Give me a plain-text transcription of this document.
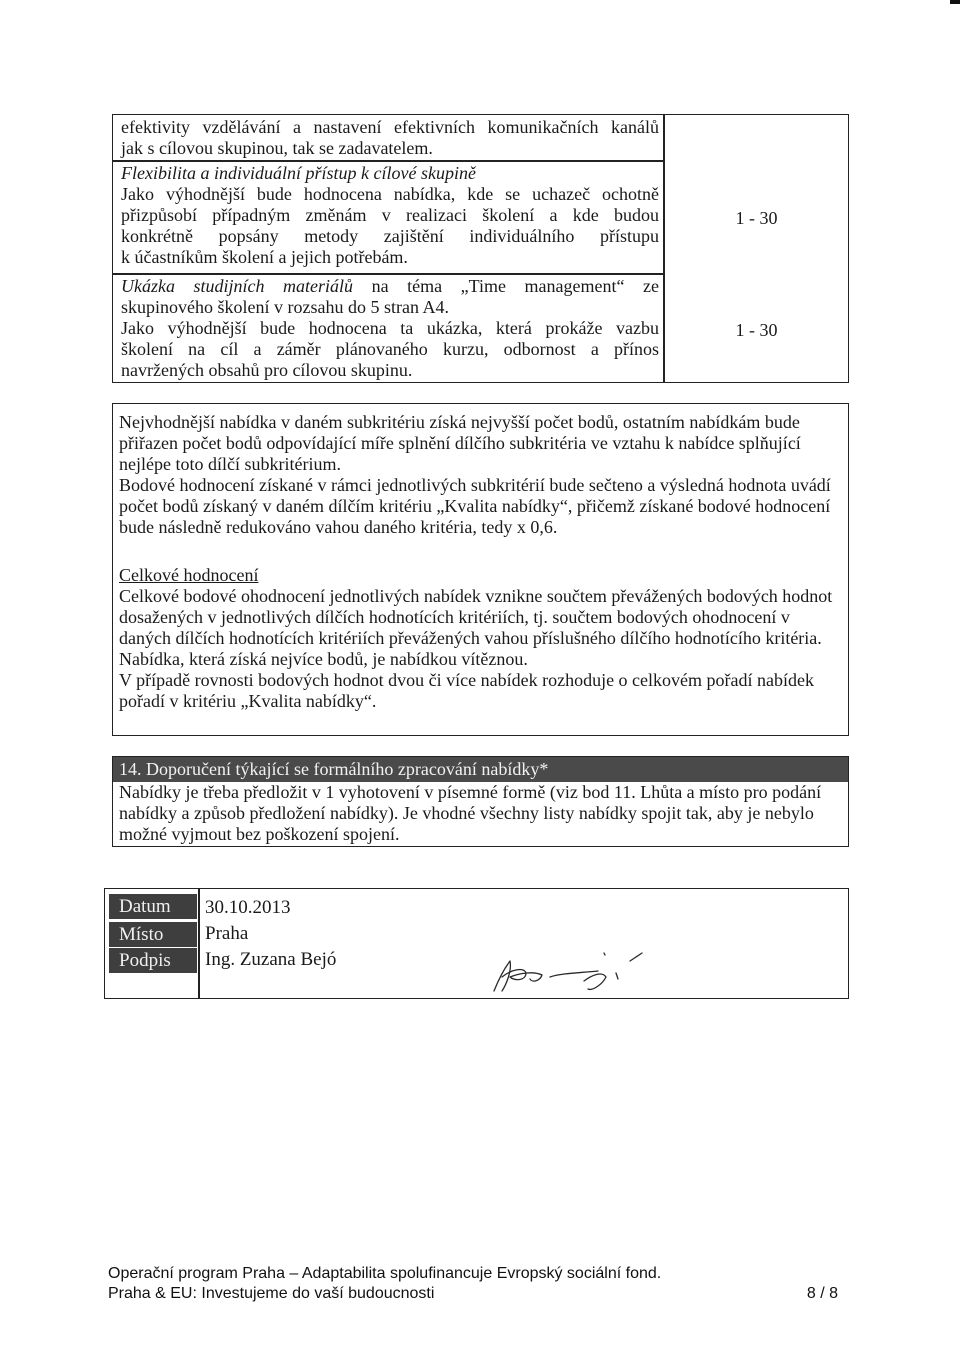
efektivity vzdělávání a nastavení efektivních komunikačních kanálů
jak s cílovou skupinou, tak se zadavatelem.
Flexibilita a individuální přístup k cílové skupině
Jako výhodnější bude hodnocena nabídka, kde se uchazeč ochotně
přizpůsobí případným změnám v realizaci školení a kde budou
konkrétně popsány metody zajištění individuálního přístupu
k účastníkům školení a jejich potřebám.
1 - 30
Ukázka studijních materiálů na téma „Time management“ ze
skupinového školení v rozsahu do 5 stran A4.
Jako výhodnější bude hodnocena ta ukázka, která prokáže vazbu
školení na cíl a záměr plánovaného kurzu, odbornost a přínos
navržených obsahů pro cílovou skupinu.
1 - 30

Nejvhodnější nabídka v daném subkritériu získá nejvyšší počet bodů, ostatním nabídkám bude přiřazen počet bodů odpovídající míře splnění dílčího subkritéria ve vztahu k nabídce splňující nejlépe toto dílčí subkritérium.

Bodové hodnocení získané v rámci jednotlivých subkritérií bude sečteno a výsledná hodnota uvádí počet bodů získaný v daném dílčím kritériu „Kvalita nabídky“, přičemž získané bodové hodnocení bude následně redukováno vahou daného kritéria, tedy x 0,6.

Celkové hodnocení

Celkové bodové ohodnocení jednotlivých nabídek vznikne součtem převážených bodových hodnot dosažených v jednotlivých dílčích hodnotících kritériích, tj. součtem bodových ohodnocení v daných dílčích hodnotících kritériích převážených vahou příslušného dílčího hodnotícího kritéria. Nabídka, která získá nejvíce bodů, je nabídkou vítěznou.

V případě rovnosti bodových hodnot dvou či více nabídek rozhoduje o celkovém pořadí nabídek pořadí v kritériu „Kvalita nabídky“.

14. Doporučení týkající se formálního zpracování nabídky*
Nabídky je třeba předložit v 1 vyhotovení v písemné formě (viz bod 11. Lhůta a místo pro podání nabídky a způsob předložení nabídky). Je vhodné všechny listy nabídky spojit tak, aby je nebylo možné vyjmout bez poškození spojení.
Datum	30.10.2013
Místo	Praha
Podpis	Ing. Zuzana Bejó
Operační program Praha – Adaptabilita spolufinancuje Evropský sociální fond.
Praha & EU: Investujeme do vaší budoucnosti	8 / 8
